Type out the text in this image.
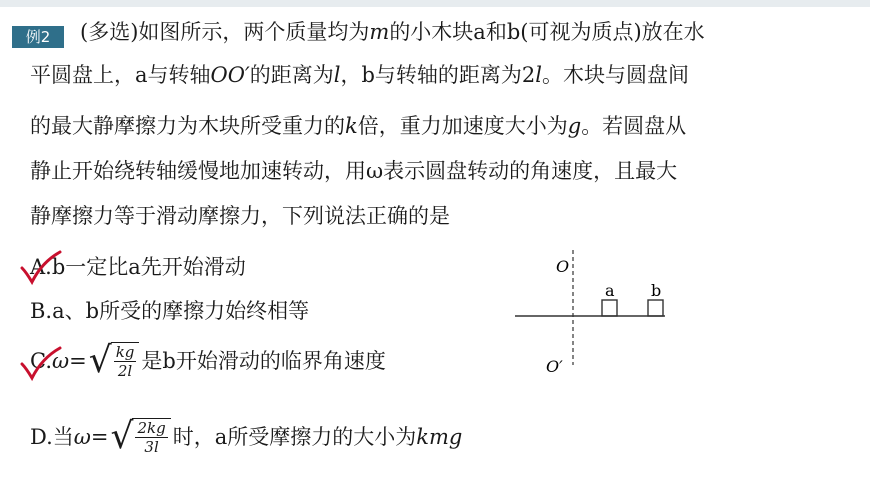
例2	(多选)如图所示，两个质量均为m的小木块a和b(可视为质点)放在水
平圆盘上，a与转轴OO′的距离为l，b与转轴的距离为2l。木块与圆盘间
的最大静摩擦力为木块所受重力的k倍，重力加速度大小为g。若圆盘从
静止开始绕转轴缓慢地加速转动，用ω表示圆盘转动的角速度，且最大
静摩擦力等于滑动摩擦力，下列说法正确的是
A.b一定比a先开始滑动
B.a、b所受的摩擦力始终相等
C. ω = √ $\frac{kg}{2l}$ 是b开始滑动的临界角速度
D.当 ω = √ $\frac{2kg}{3l}$ 时，a所受摩擦力的大小为 kmg
O
O′
a b
